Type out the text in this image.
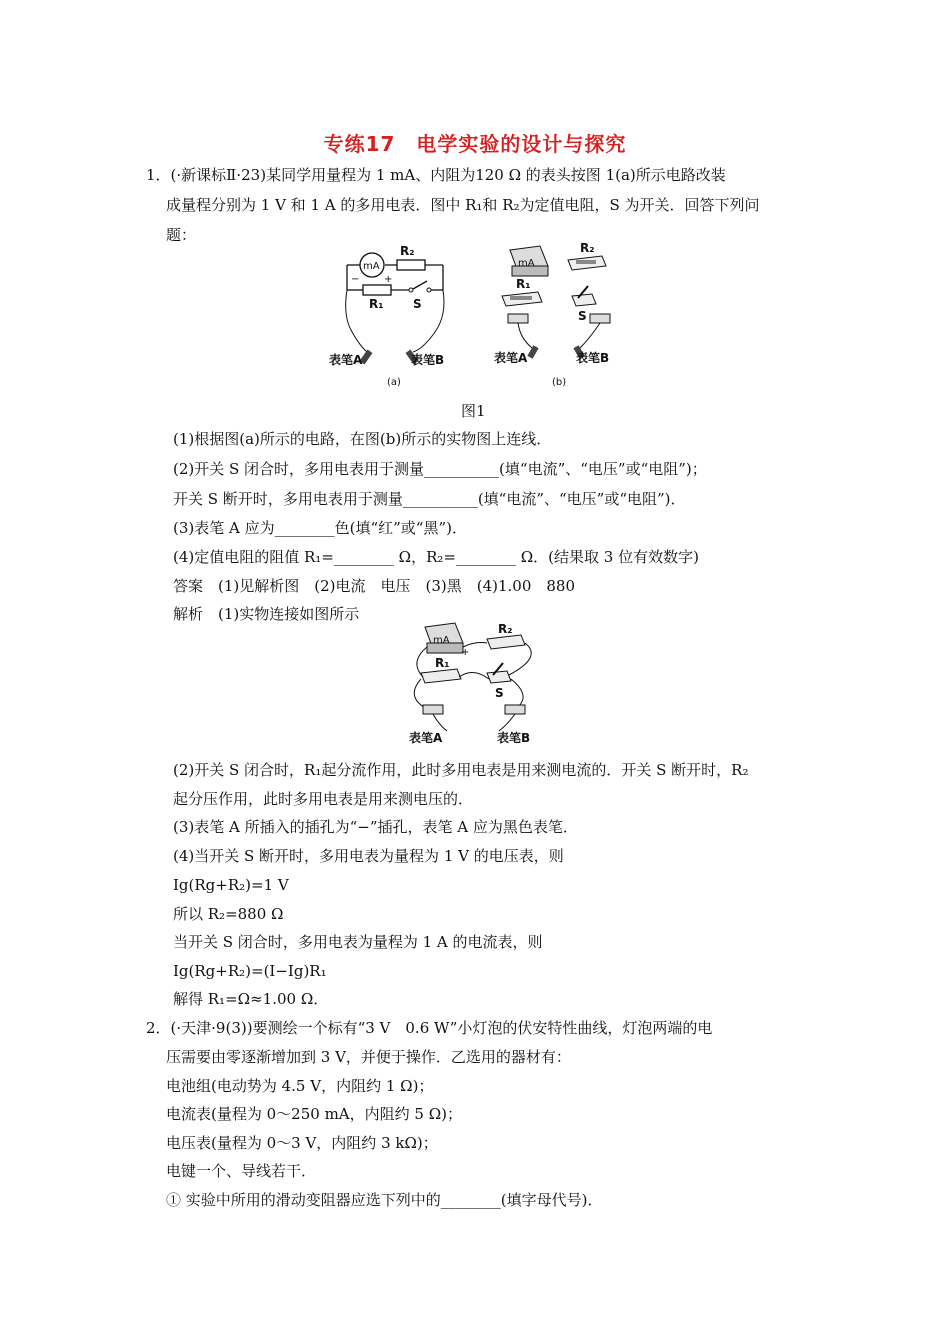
专练17　电学实验的设计与探究
1．(·新课标Ⅱ·23)某同学用量程为 1 mA、内阻为120 Ω 的表头按图 1(a)所示电路改装
成量程分别为 1 V 和 1 A 的多用电表．图中 R₁和 R₂为定值电阻，S 为开关．回答下列问
题：
mA
− +
R₂
R₁ S
表笔A	表笔B
(a)
mA
R₂
R₁
S
表笔A	表笔B
(b)
图1
(1)根据图(a)所示的电路，在图(b)所示的实物图上连线．
(2)开关 S 闭合时，多用电表用于测量__________(填“电流”、“电压”或“电阻”)；
开关 S 断开时，多用电表用于测量__________(填“电流”、“电压”或“电阻”)．
(3)表笔 A 应为________色(填“红”或“黑”)．
(4)定值电阻的阻值 R₁=________ Ω，R₂=________ Ω．(结果取 3 位有效数字)
答案　(1)见解析图　(2)电流　电压　(3)黑　(4)1.00　880
解析　(1)实物连接如图所示
mA
+
R₂
R₁
S
表笔A	表笔B
(2)开关 S 闭合时，R₁起分流作用，此时多用电表是用来测电流的．开关 S 断开时，R₂
起分压作用，此时多用电表是用来测电压的．
(3)表笔 A 所插入的插孔为“−”插孔，表笔 A 应为黑色表笔．
(4)当开关 S 断开时，多用电表为量程为 1 V 的电压表，则
Ig(Rg+R₂)=1 V
所以 R₂=880 Ω
当开关 S 闭合时，多用电表为量程为 1 A 的电流表，则
Ig(Rg+R₂)=(I−Ig)R₁
解得 R₁=Ω≈1.00 Ω．
2．(·天津·9(3))要测绘一个标有“3 V　0.6 W”小灯泡的伏安特性曲线，灯泡两端的电
压需要由零逐渐增加到 3 V，并便于操作．乙选用的器材有：
电池组(电动势为 4.5 V，内阻约 1 Ω)；
电流表(量程为 0～250 mA，内阻约 5 Ω)；
电压表(量程为 0～3 V，内阻约 3 kΩ)；
电键一个、导线若干．
① 实验中所用的滑动变阻器应选下列中的________(填字母代号)．
